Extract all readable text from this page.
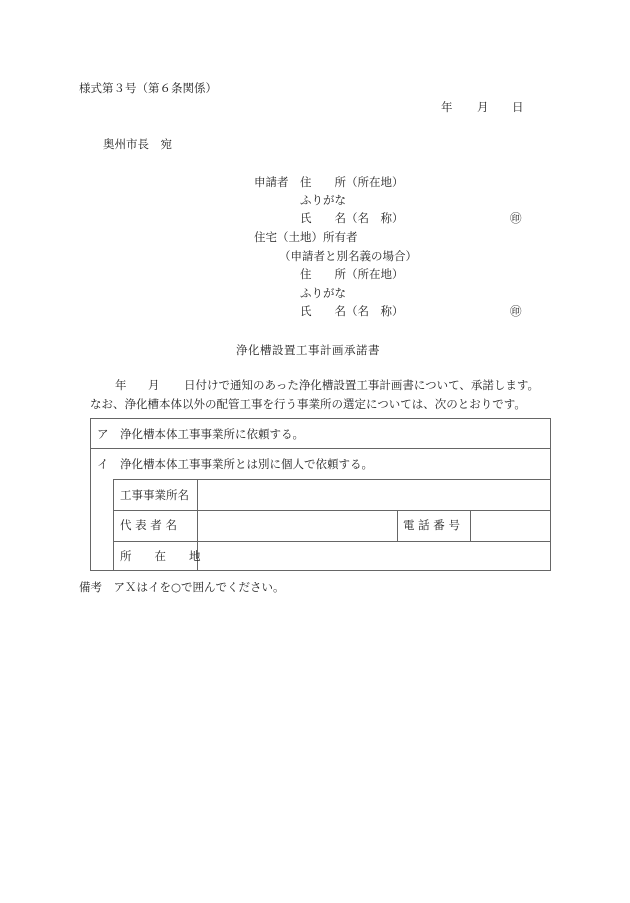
様式第３号（第６条関係）
年 月 日
奥州市長　宛
申請者 住　　所（所在地）
ふりがな
氏　　名（名　称）	㊞
住宅（土地）所有者
（申請者と別名義の場合）
住　　所（所在地）
ふりがな
氏　　名（名　称）	㊞
浄化槽設置工事計画承諾書
年 月 日付けで通知のあった浄化槽設置工事計画書について、承諾します。
なお、浄化槽本体以外の配管工事を行う事業所の選定については、次のとおりです。
ア 浄化槽本体工事事業所に依頼する。
イ 浄化槽本体工事事業所とは別に個人で依頼する。
工事事業所名
代 表 者 名	電 話 番 号
所　　在　　地
備考　アＸはイを○で囲んでください。
